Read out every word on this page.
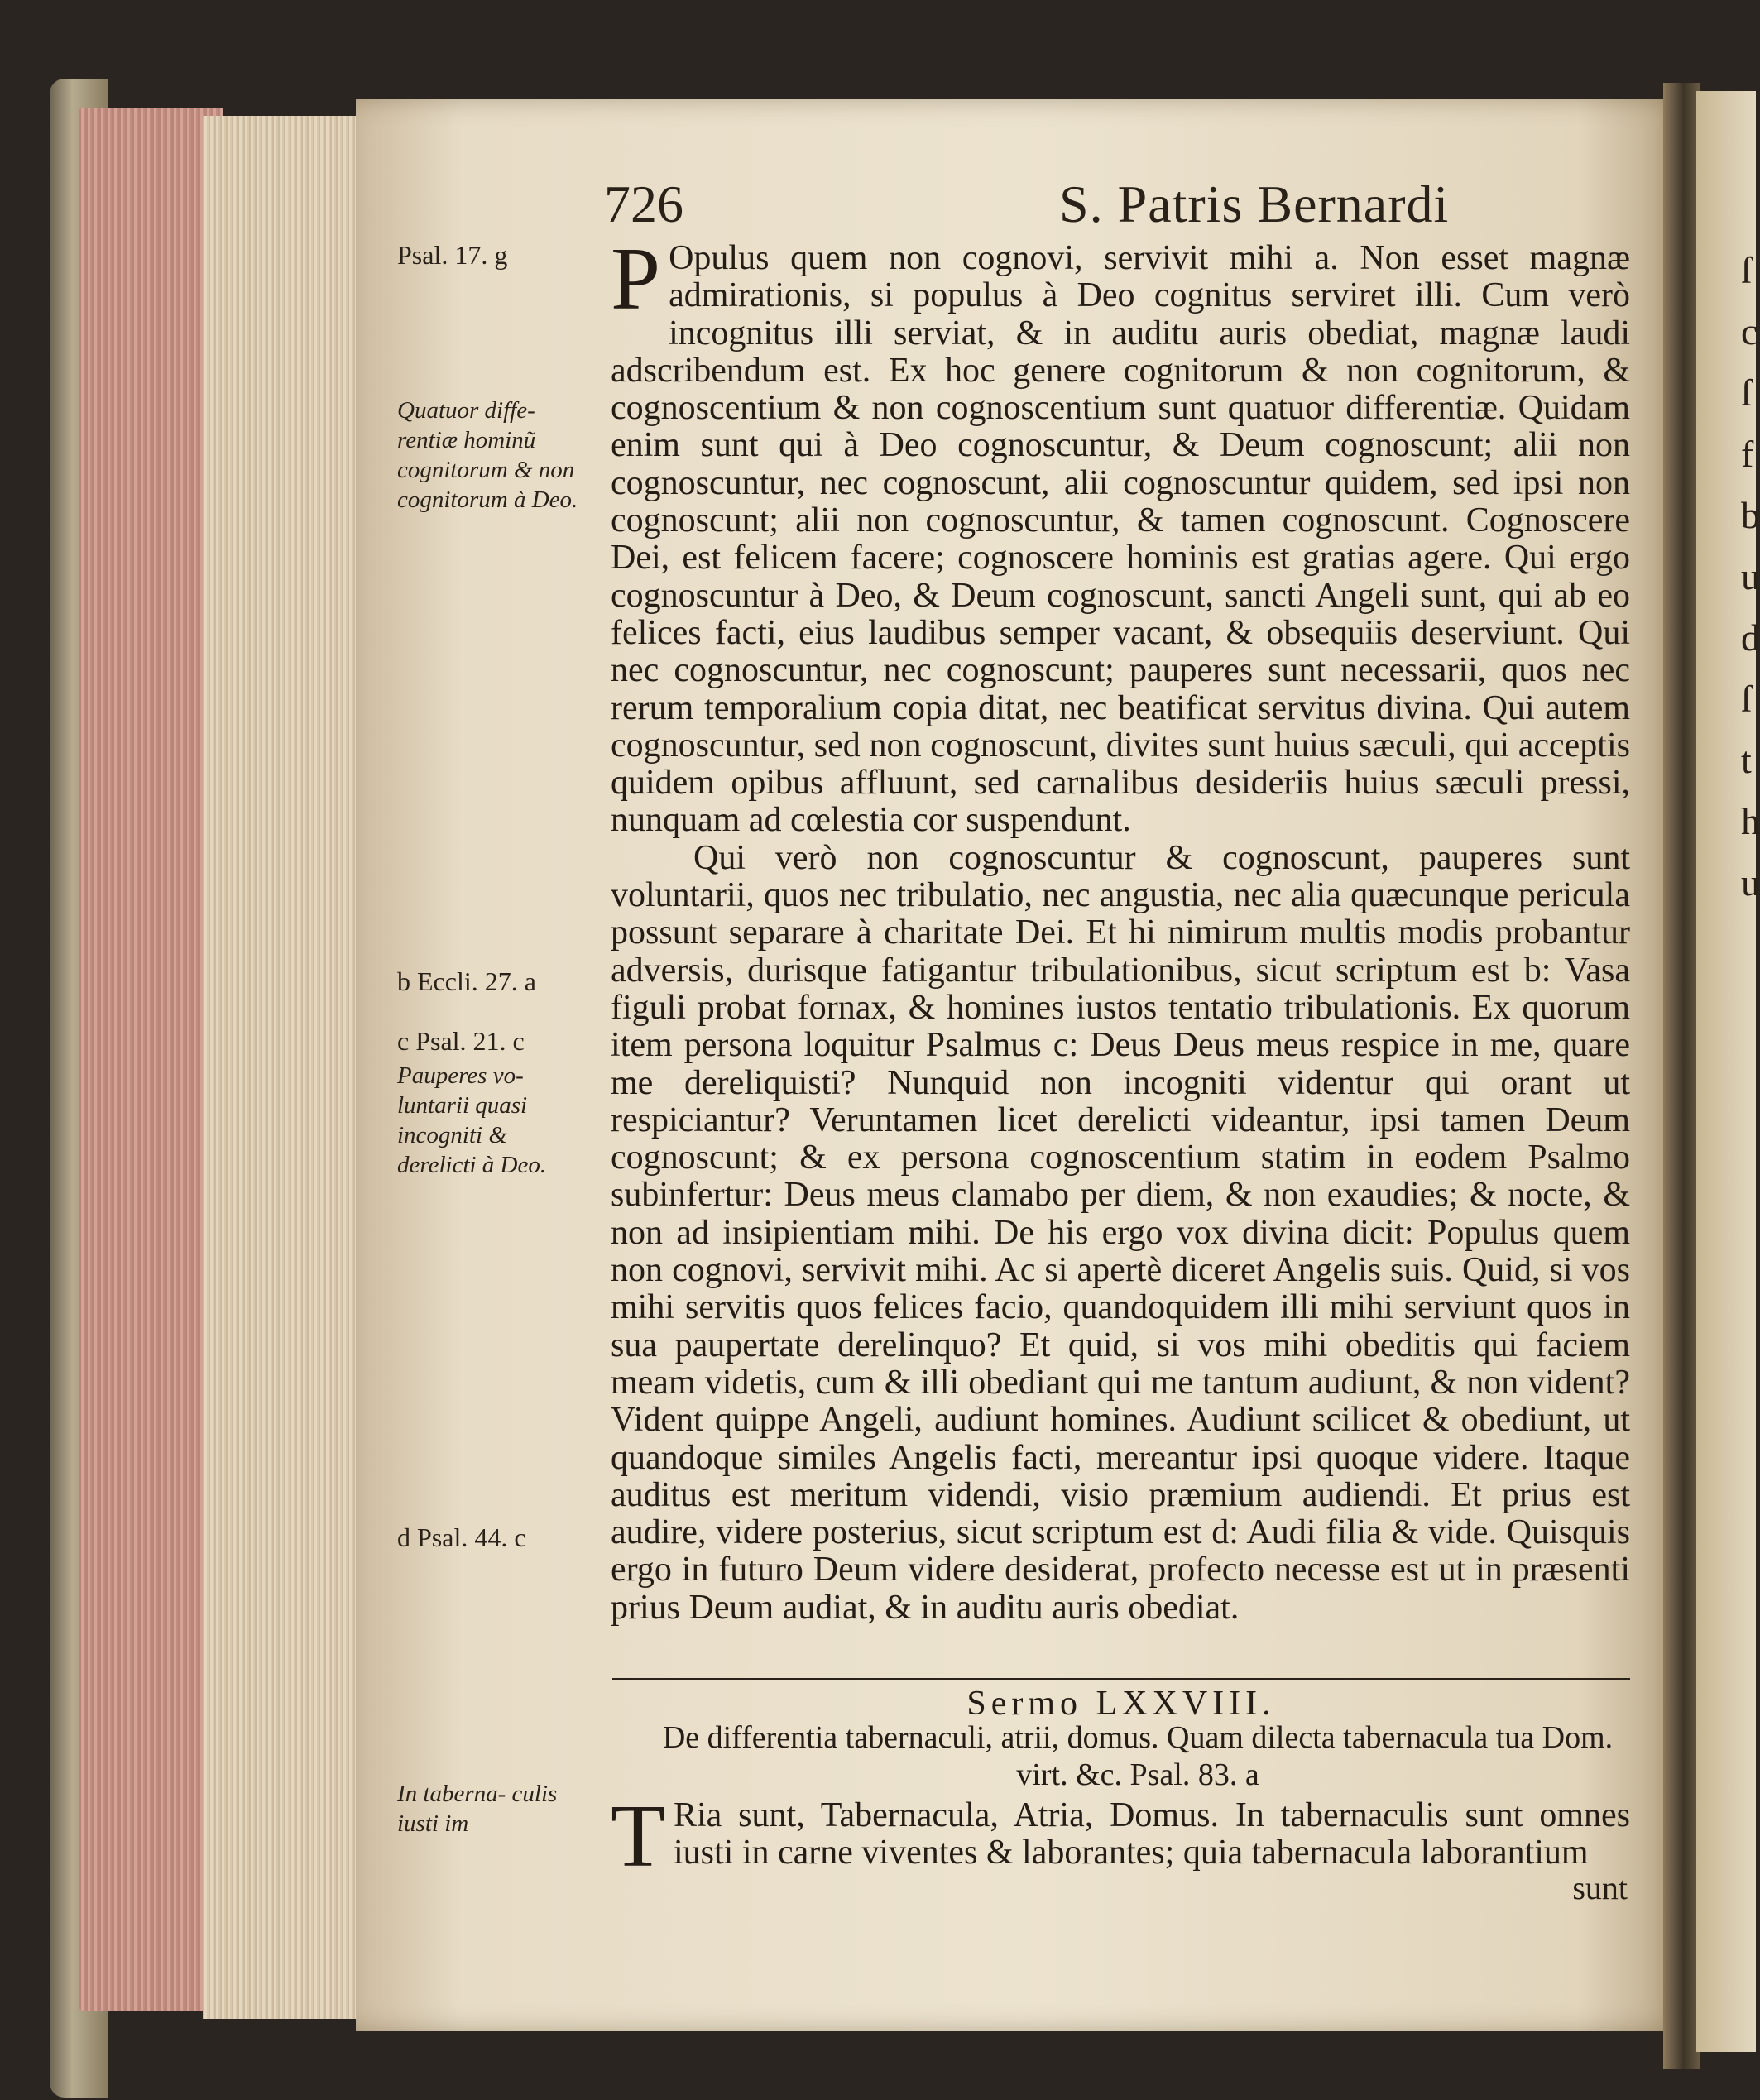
ſ c ſ f b u d ſ t h u
726	S. Patris Bernardi
Psal. 17. g
Quatuor diffe- rentiæ hominũ cognitorum & non cognitorum à Deo.
b Eccli. 27. a
c Psal. 21. c
Pauperes vo- luntarii quasi incogniti & derelicti à Deo.
d Psal. 44. c
In taberna- culis iusti im

P Opulus quem non cognovi, servivit mihi a. Non esset magnæ admirationis, si populus à Deo cognitus serviret illi. Cum verò incognitus illi serviat, & in auditu auris obediat, magnæ laudi adscribendum est. Ex hoc genere cognitorum & non cognitorum, & cognoscentium & non cognoscentium sunt quatuor differentiæ. Quidam enim sunt qui à Deo cognoscuntur, & Deum cognoscunt; alii non cognoscuntur, nec cognoscunt, alii cognoscuntur quidem, sed ipsi non cognoscunt; alii non cognoscuntur, & tamen cognoscunt. Cognoscere Dei, est felicem facere; cognoscere hominis est gratias agere. Qui ergo cognoscuntur à Deo, & Deum cognoscunt, sancti Angeli sunt, qui ab eo felices facti, eius laudibus semper vacant, & obsequiis deserviunt. Qui nec cognoscuntur, nec cognoscunt; pauperes sunt necessarii, quos nec rerum temporalium copia ditat, nec beatificat servitus divina. Qui autem cognoscuntur, sed non cognoscunt, divites sunt huius sæculi, qui acceptis quidem opibus affluunt, sed carnalibus desideriis huius sæculi pressi, nunquam ad cœlestia cor suspendunt.

Qui verò non cognoscuntur & cognoscunt, pauperes sunt voluntarii, quos nec tribulatio, nec angustia, nec alia quæcunque pericula possunt separare à charitate Dei. Et hi nimirum multis modis probantur adversis, durisque fatigantur tribulationibus, sicut scriptum est b: Vasa figuli probat fornax, & homines iustos tentatio tribulationis. Ex quorum item persona loquitur Psalmus c: Deus Deus meus respice in me, quare me dereliquisti? Nunquid non incogniti videntur qui orant ut respiciantur? Veruntamen licet derelicti videantur, ipsi tamen Deum cognoscunt; & ex persona cognoscentium statim in eodem Psalmo subinfertur: Deus meus clamabo per diem, & non exaudies; & nocte, & non ad insipientiam mihi. De his ergo vox divina dicit: Populus quem non cognovi, servivit mihi. Ac si apertè diceret Angelis suis. Quid, si vos mihi servitis quos felices facio, quandoquidem illi mihi serviunt quos in sua paupertate derelinquo? Et quid, si vos mihi obeditis qui faciem meam videtis, cum & illi obediant qui me tantum audiunt, & non vident? Vident quippe Angeli, audiunt homines. Audiunt scilicet & obediunt, ut quandoque similes Angelis facti, mereantur ipsi quoque videre. Itaque auditus est meritum videndi, visio præmium audiendi. Et prius est audire, videre posterius, sicut scriptum est d: Audi filia & vide. Quisquis ergo in futuro Deum videre desiderat, profecto necesse est ut in præsenti prius Deum audiat, & in auditu auris obediat.

Sermo LXXVIII.
De differentia tabernaculi, atrii, domus. Quam dilecta tabernacula tua Dom. virt. &c. Psal. 83. a
T Ria sunt, Tabernacula, Atria, Domus. In tabernaculis sunt omnes iusti in carne viventes & laborantes; quia tabernacula laborantium
sunt
